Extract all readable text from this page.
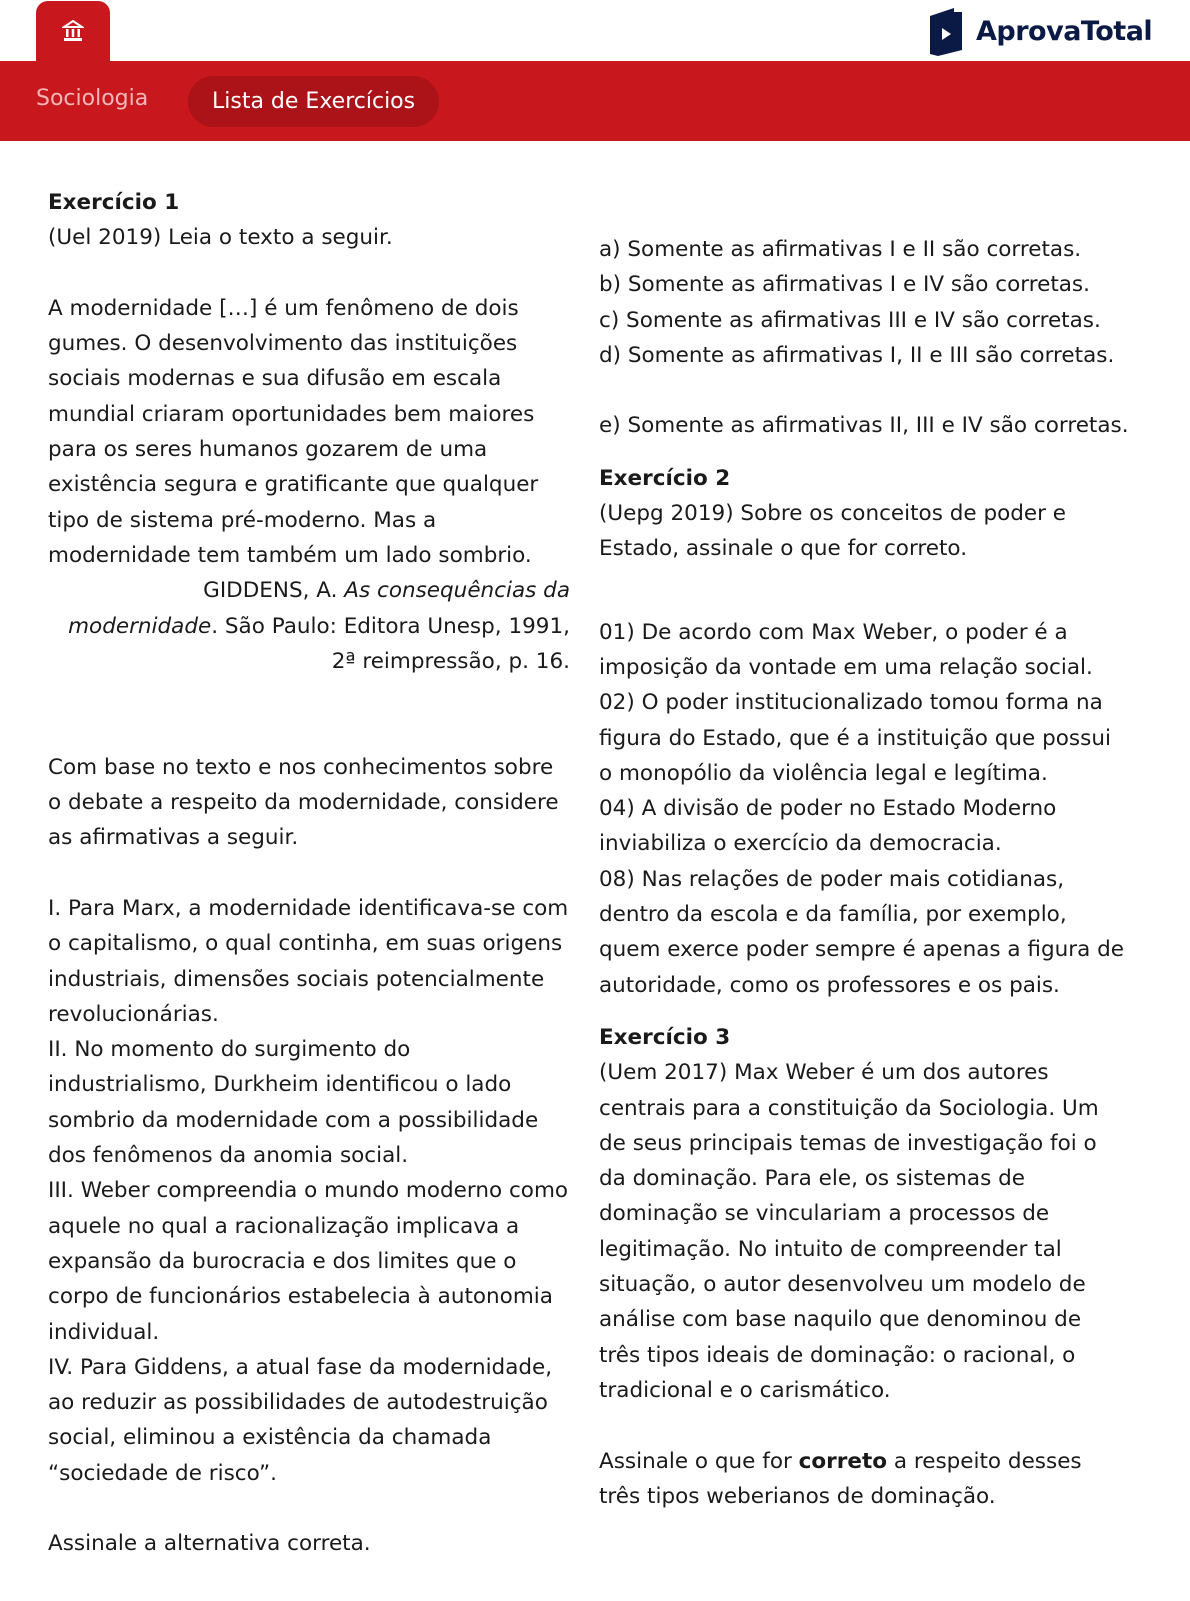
AprovaTotal
Sociologia	Lista de Exercícios

Exercício 1

(Uel 2019) Leia o texto a seguir.

A modernidade […] é um fenômeno de dois gumes. O desenvolvimento das instituições sociais modernas e sua difusão em escala mundial criaram oportunidades bem maiores para os seres humanos gozarem de uma existência segura e gratificante que qualquer tipo de sistema pré-moderno. Mas a modernidade tem também um lado sombrio.

GIDDENS, A. As consequências da modernidade. São Paulo: Editora Unesp, 1991, 2ª reimpressão, p. 16.

Com base no texto e nos conhecimentos sobre o debate a respeito da modernidade, considere as afirmativas a seguir.

I. Para Marx, a modernidade identificava-se com o capitalismo, o qual continha, em suas origens industriais, dimensões sociais potencialmente revolucionárias.

II. No momento do surgimento do industrialismo, Durkheim identificou o lado sombrio da modernidade com a possibilidade dos fenômenos da anomia social.

III. Weber compreendia o mundo moderno como aquele no qual a racionalização implicava a expansão da burocracia e dos limites que o corpo de funcionários estabelecia à autonomia individual.

IV. Para Giddens, a atual fase da modernidade, ao reduzir as possibilidades de autodestruição social, eliminou a existência da chamada “sociedade de risco”.

Assinale a alternativa correta.

a) Somente as afirmativas I e II são corretas.

b) Somente as afirmativas I e IV são corretas.

c) Somente as afirmativas III e IV são corretas.

d) Somente as afirmativas I, II e III são corretas.

e) Somente as afirmativas II, III e IV são corretas.

Exercício 2

(Uepg 2019) Sobre os conceitos de poder e Estado, assinale o que for correto.

01) De acordo com Max Weber, o poder é a imposição da vontade em uma relação social.

02) O poder institucionalizado tomou forma na figura do Estado, que é a instituição que possui o monopólio da violência legal e legítima.

04) A divisão de poder no Estado Moderno inviabiliza o exercício da democracia.

08) Nas relações de poder mais cotidianas, dentro da escola e da família, por exemplo, quem exerce poder sempre é apenas a figura de autoridade, como os professores e os pais.

Exercício 3

(Uem 2017) Max Weber é um dos autores centrais para a constituição da Sociologia. Um de seus principais temas de investigação foi o da dominação. Para ele, os sistemas de dominação se vinculariam a processos de legitimação. No intuito de compreender tal situação, o autor desenvolveu um modelo de análise com base naquilo que denominou de três tipos ideais de dominação: o racional, o tradicional e o carismático.

Assinale o que for correto a respeito desses três tipos weberianos de dominação.
